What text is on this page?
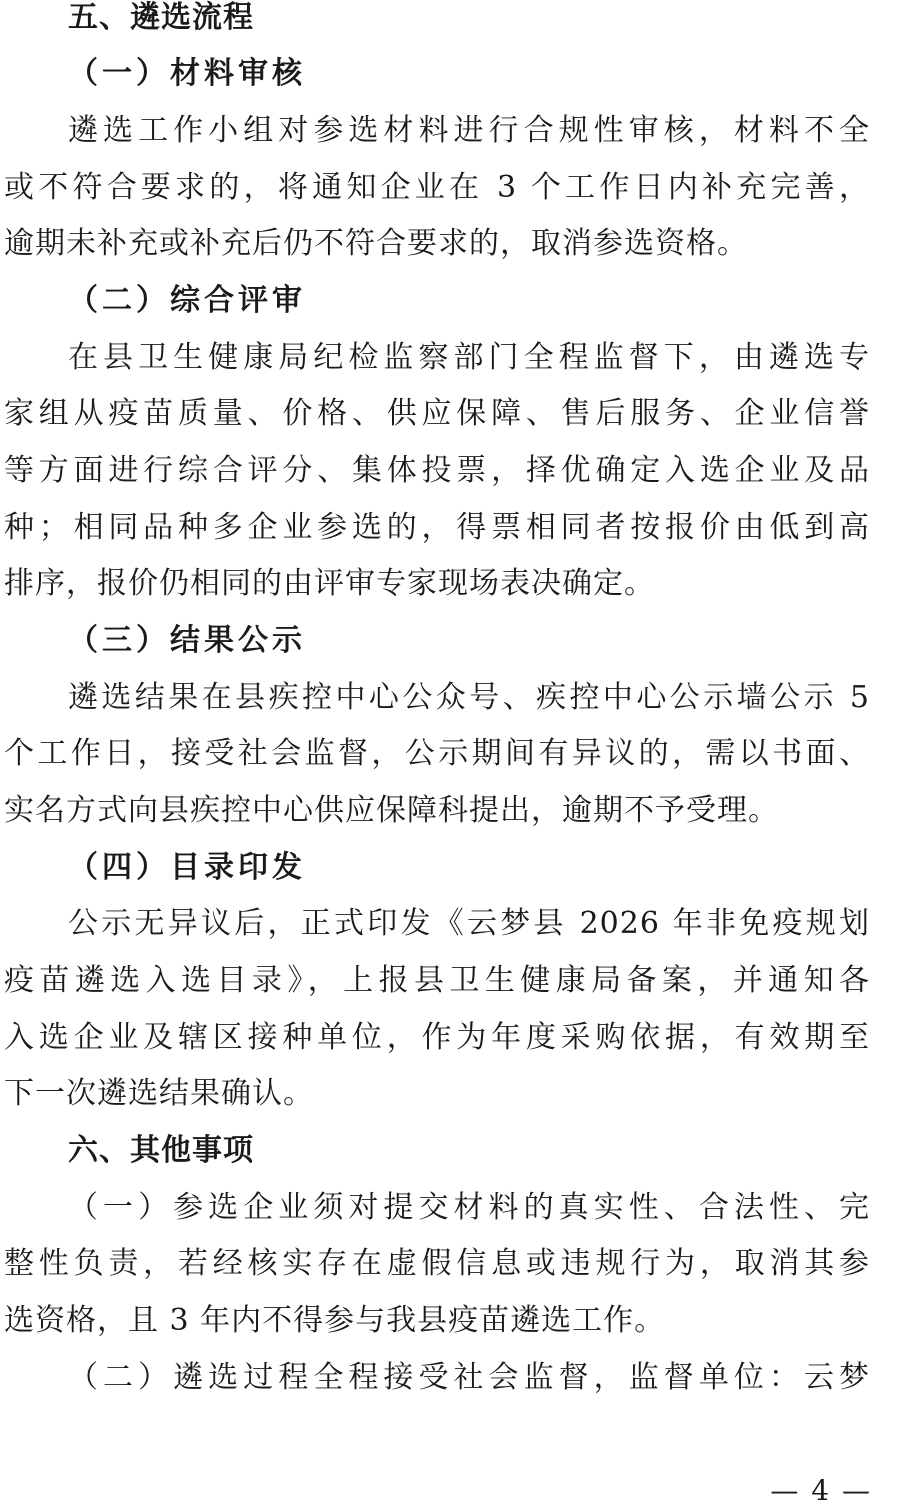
五、遴选流程
（一）材料审核
遴选工作小组对参选材料进行合规性审核，材料不全
或不符合要求的，将通知企业在 3 个工作日内补充完善，
逾期未补充或补充后仍不符合要求的，取消参选资格。
（二）综合评审
在县卫生健康局纪检监察部门全程监督下，由遴选专
家组从疫苗质量、价格、供应保障、售后服务、企业信誉
等方面进行综合评分、集体投票，择优确定入选企业及品
种；相同品种多企业参选的，得票相同者按报价由低到高
排序，报价仍相同的由评审专家现场表决确定。
（三）结果公示
遴选结果在县疾控中心公众号、疾控中心公示墙公示 5
个工作日，接受社会监督，公示期间有异议的，需以书面、
实名方式向县疾控中心供应保障科提出，逾期不予受理。
（四）目录印发
公示无异议后，正式印发《云梦县 2026 年非免疫规划
疫苗遴选入选目录》，上报县卫生健康局备案，并通知各
入选企业及辖区接种单位，作为年度采购依据，有效期至
下一次遴选结果确认。
六、其他事项
（一）参选企业须对提交材料的真实性、合法性、完
整性负责，若经核实存在虚假信息或违规行为，取消其参
选资格，且 3 年内不得参与我县疫苗遴选工作。
（二）遴选过程全程接受社会监督，监督单位：云梦
— 4 —
